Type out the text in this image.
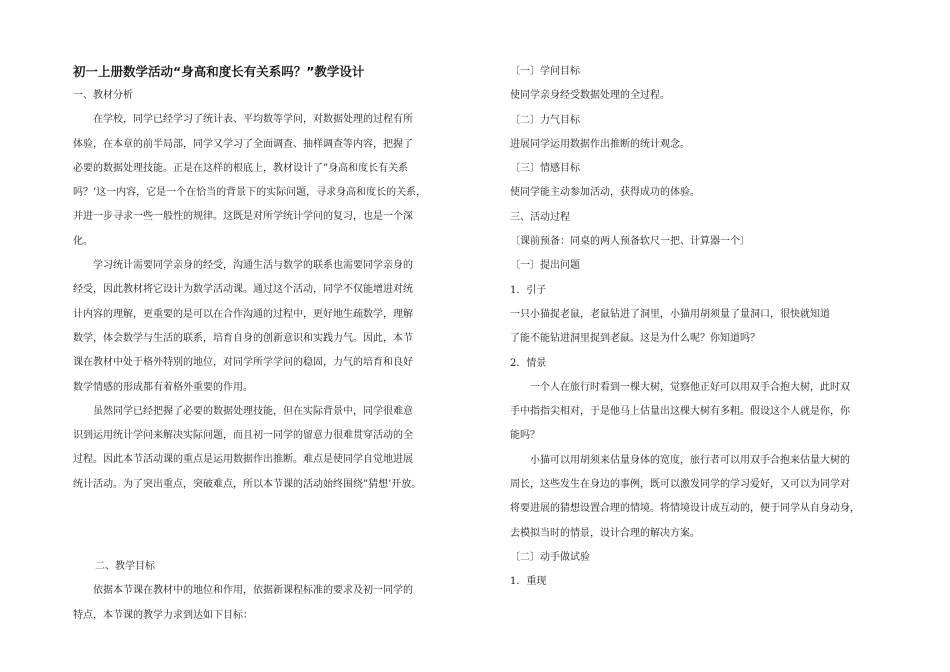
初一上册数学活动“身高和度长有关系吗？”教学设计

一、教材分析

在学校，同学已经学习了统计表、平均数等学问，对数据处理的过程有所

体验，在本章的前半局部，同学又学习了全面调查、抽样调查等内容，把握了

必要的数据处理技能。正是在这样的根底上，教材设计了”身高和度长有关系

吗？’这一内容，它是一个在恰当的背景下的实际问题，寻求身高和度长的关系，

并进一步寻求一些一般性的规律。这既是对所学统计学问的复习，也是一个深

化。

学习统计需要同学亲身的经受，沟通生活与数学的联系也需要同学亲身的

经受，因此教材将它设计为数学活动课。通过这个活动，同学不仅能增进对统

计内容的理解，更重要的是可以在合作沟通的过程中，更好地生疏数学，理解

数学，体会数学与生活的联系，培育自身的创新意识和实践力气。因此，本节

课在教材中处于格外特别的地位，对同学所学学问的稳固，力气的培育和良好

数学情感的形成都有着格外重要的作用。

虽然同学已经把握了必要的数据处理技能，但在实际背景中，同学很难意

识到运用统计学问来解决实际问题，而且初一同学的留意力很难贯穿活动的全

过程。因此本节活动课的重点是运用数据作出推断。难点是使同学自觉地进展

统计活动。为了突出重点，突破难点，所以本节课的活动始终围绕”猜想’开放。

二、教学目标

依据本节课在教材中的地位和作用，依据新课程标准的要求及初一同学的

特点，本节课的教学力求到达如下目标：

〔一〕学问目标

使同学亲身经受数据处理的全过程。

〔二〕力气目标

进展同学运用数据作出推断的统计观念。

〔三〕情感目标

使同学能主动参加活动，获得成功的体验。

三、活动过程

〔课前预备：同桌的两人预备软尺一把、计算器一个〕

〔一〕提出问题

1．引子

一只小猫捉老鼠，老鼠钻进了洞里，小猫用胡须量了量洞口，很快就知道

了能不能钻进洞里捉到老鼠。这是为什么呢？你知道吗？

2．情景

一个人在旅行时看到一棵大树，觉察他正好可以用双手合抱大树，此时双

手中指指尖相对，于是他马上估量出这棵大树有多粗。假设这个人就是你，你

能吗？

小猫可以用胡须来估量身体的宽度，旅行者可以用双手合抱来估量大树的

周长，这些发生在身边的事例，既可以激发同学的学习爱好，又可以为同学对

将要进展的猜想设置合理的情境。将情境设计成互动的，便于同学从自身动身，

去模拟当时的情景，设计合理的解决方案。

〔二〕动手做试验

1．重现
